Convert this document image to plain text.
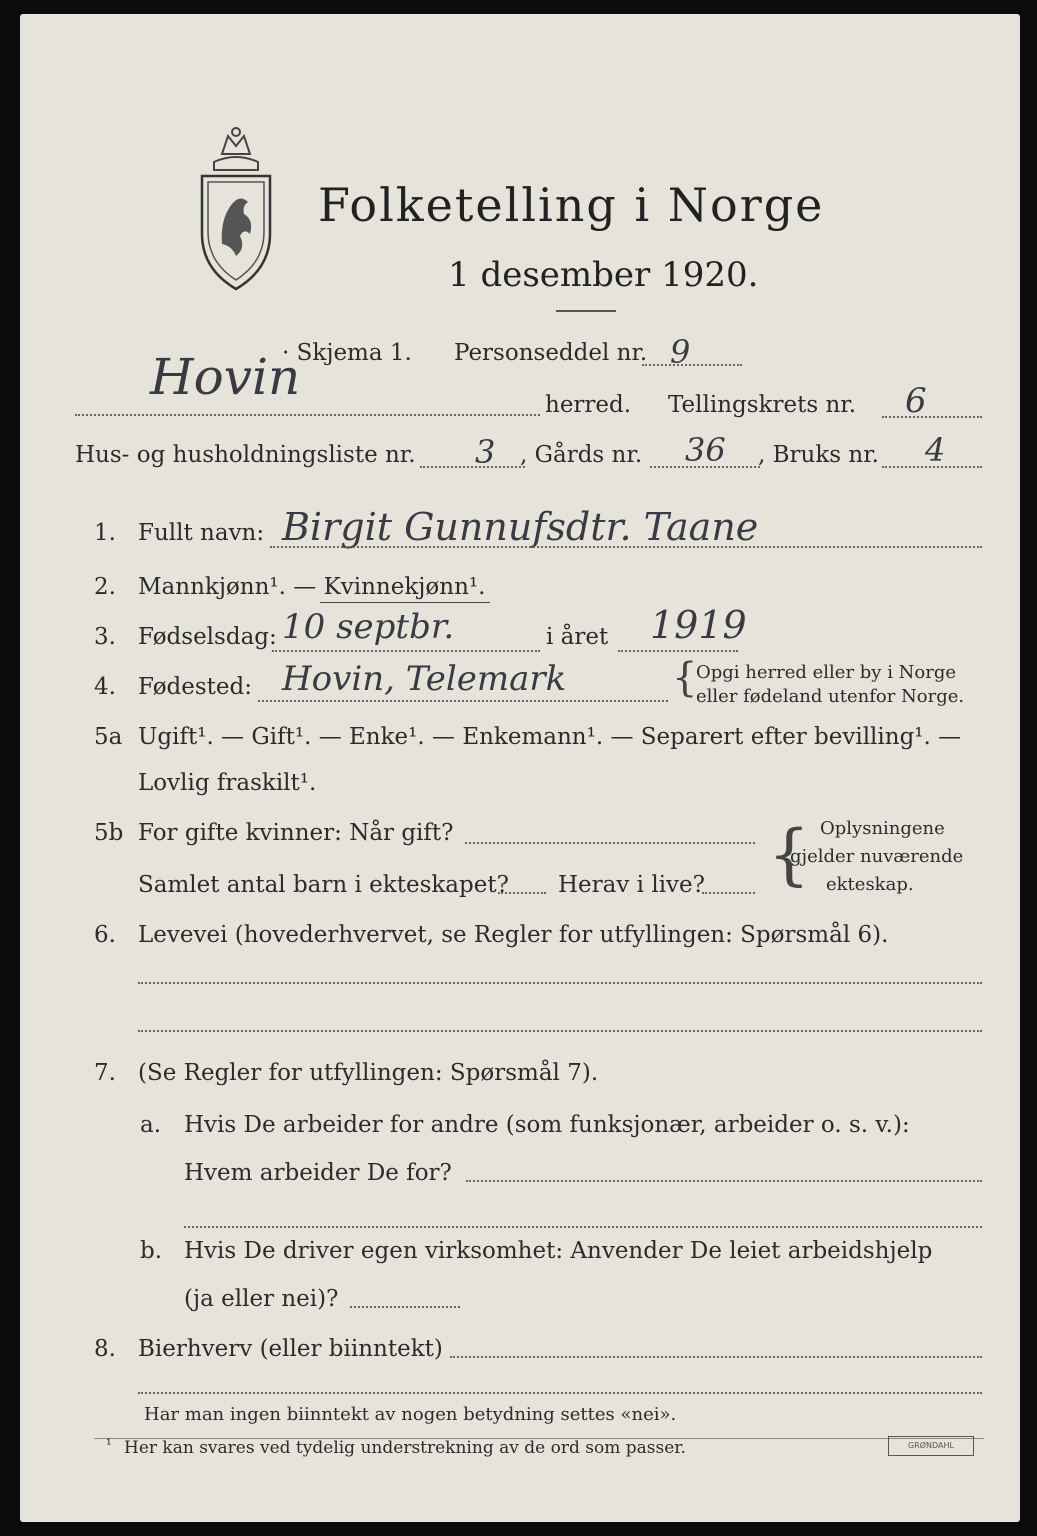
Folketelling i Norge
1 desember 1920.
Hovin
· Skjema 1. Personseddel nr. 9
herred. Tellingskrets nr. 6
Hus- og husholdningsliste nr. 3 , Gårds nr. 36 , Bruks nr. 4
1. Fullt navn: Birgit Gunnufsdtr. Taane
2. Mannkjønn¹. — Kvinnekjønn¹.
3. Fødselsdag: 10 septbr.	i året 1919
4. Fødested: Hovin, Telemark	{
Opgi herred eller by i Norge
eller fødeland utenfor Norge.
5a Ugift¹. — Gift¹. — Enke¹. — Enkemann¹. — Separert efter bevilling¹. —
Lovlig fraskilt¹.
5b For gifte kvinner: Når gift?
Samlet antal barn i ekteskapet? Herav i live? { Oplysningene
gjelder nuværende
ekteskap.
6. Levevei (hovederhvervet, se Regler for utfyllingen: Spørsmål 6).
7. (Se Regler for utfyllingen: Spørsmål 7).
a. Hvis De arbeider for andre (som funksjonær, arbeider o. s. v.):
Hvem arbeider De for?
b. Hvis De driver egen virksomhet: Anvender De leiet arbeidshjelp
(ja eller nei)?
8. Bierhverv (eller biinntekt)
Har man ingen biinntekt av nogen betydning settes «nei».
¹ Her kan svares ved tydelig understrekning av de ord som passer.	GRØNDAHL
